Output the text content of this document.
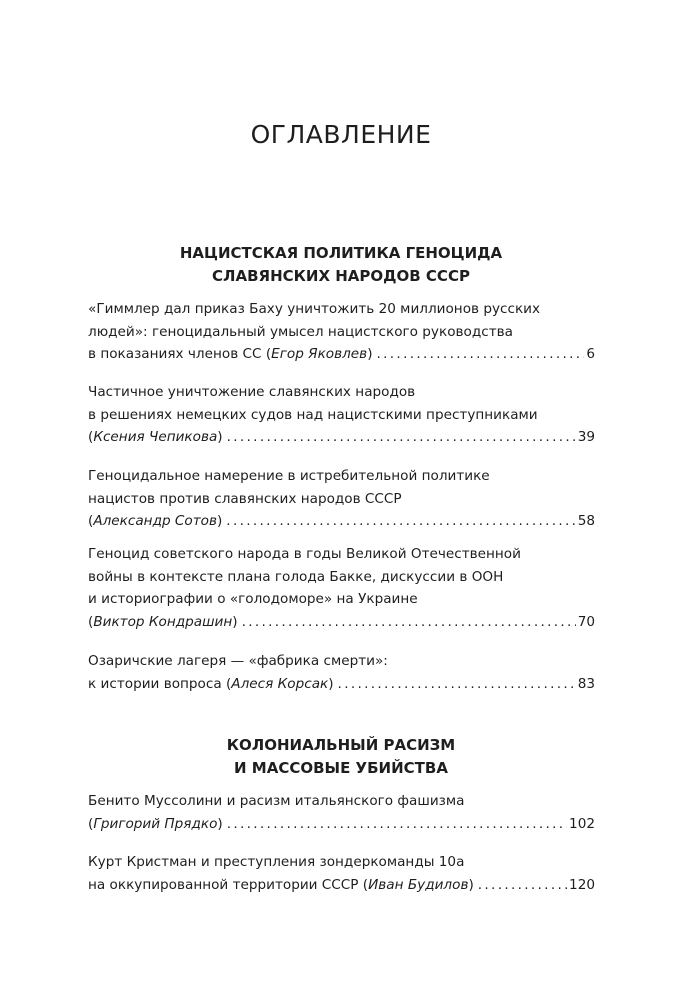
ОГЛАВЛЕНИЕ
НАЦИСТСКАЯ ПОЛИТИКА ГЕНОЦИДА
СЛАВЯНСКИХ НАРОДОВ СССР
«Гиммлер дал приказ Баху уничтожить 20 миллионов русских
людей»: геноцидальный умысел нацистского руководства
в показаниях членов СС ( Егор Яковлев ) . . .	6
Частичное уничтожение славянских народов
в решениях немецких судов над нацистскими преступниками
( Ксения Чепикова ) . . .	39
Геноцидальное намерение в истребительной политике
нацистов против славянских народов СССР
( Александр Сотов ) . . .	58
Геноцид советского народа в годы Великой Отечественной
войны в контексте плана голода Бакке, дискуссии в ООН
и историографии о «голодоморе» на Украине
( Виктор Кондрашин ) . . .	70
Озаричские лагеря — «фабрика смерти»:
к истории вопроса ( Алеся Корсак ) . . .	83
КОЛОНИАЛЬНЫЙ РАСИЗМ
И МАССОВЫЕ УБИЙСТВА
Бенито Муссолини и расизм итальянского фашизма
( Григорий Прядко ) . . .	102
Курт Кристман и преступления зондеркоманды 10а
на оккупированной территории СССР ( Иван Будилов ) . . .	120
